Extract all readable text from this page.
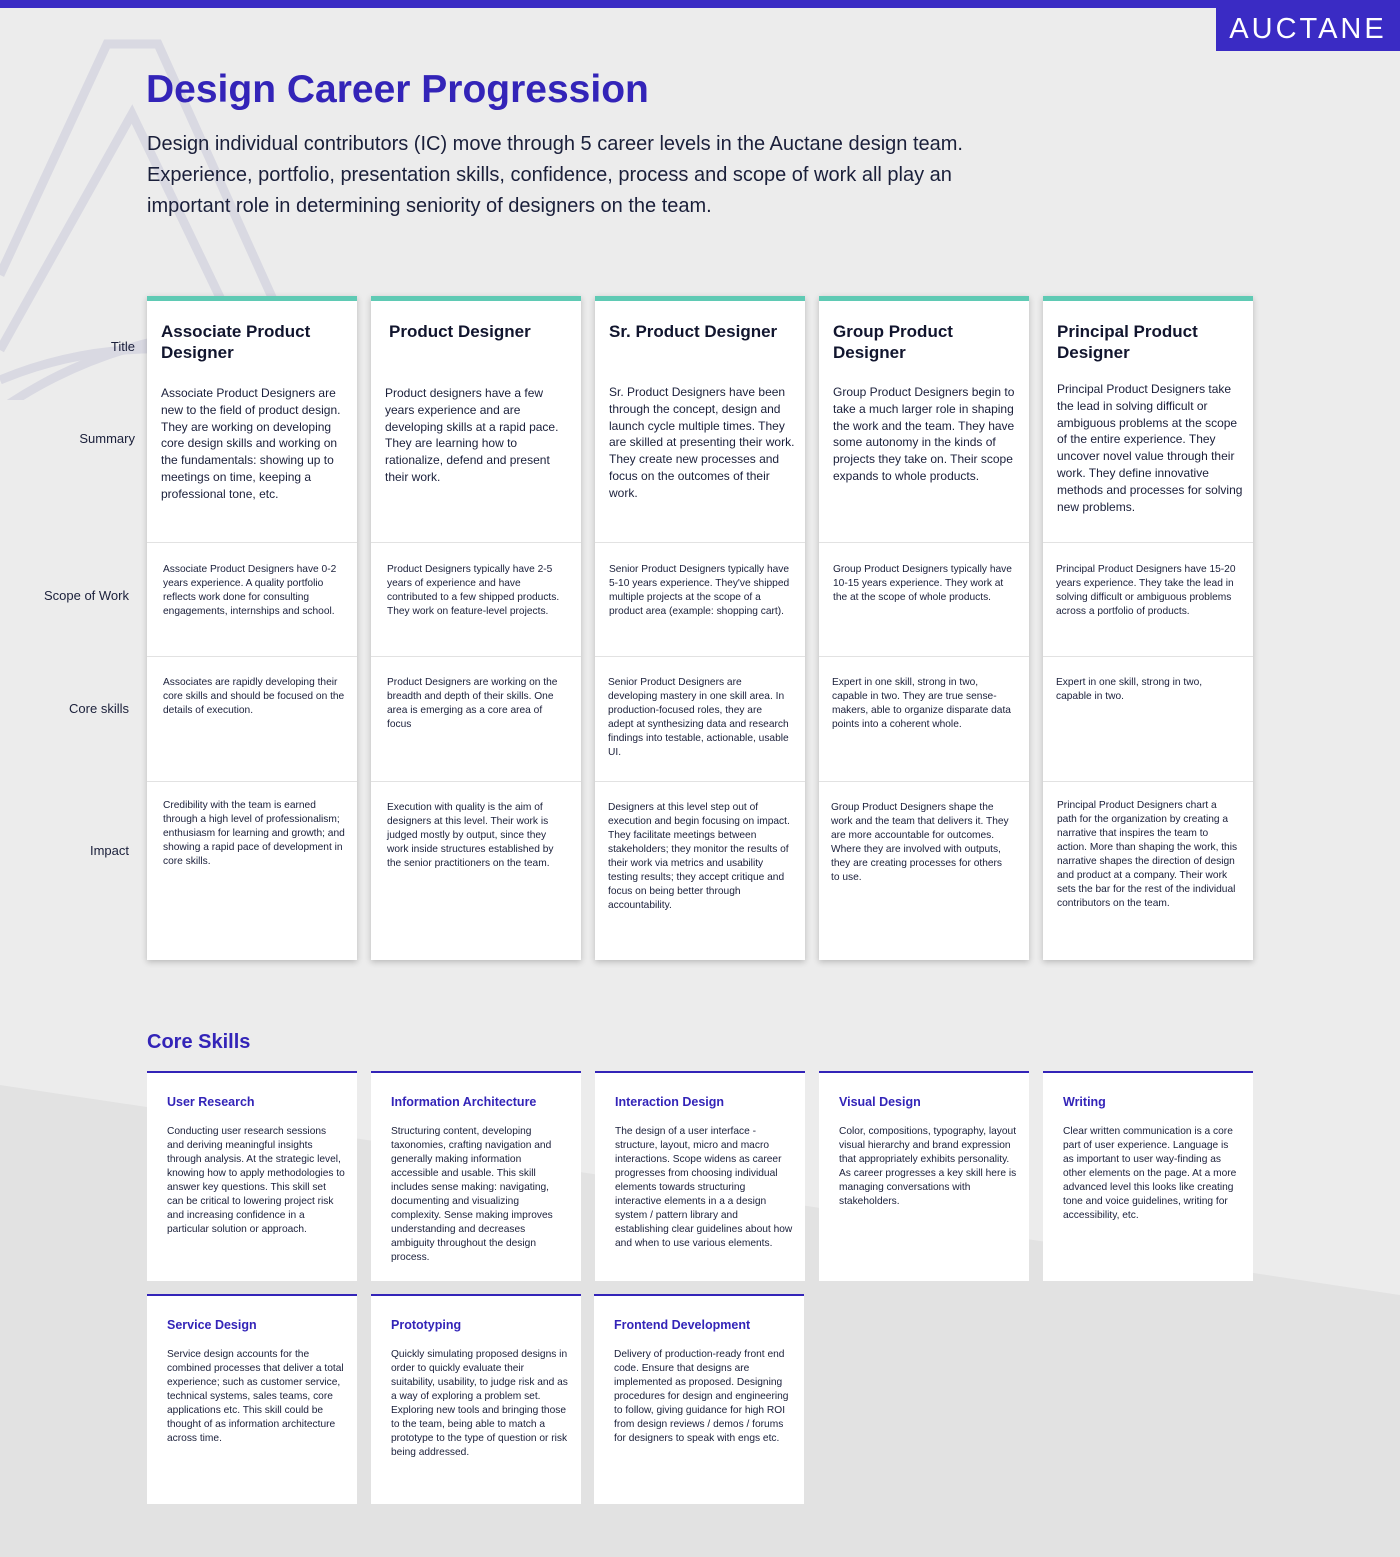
AUCTANE
Design Career Progression

Design individual contributors (IC) move through 5 career levels in the Auctane design team. Experience, portfolio, presentation skills, confidence, process and scope of work all play an important role in determining seniority of designers on the team.

Title
Summary
Scope of Work
Core skills
Impact
Associate Product Designer
Associate Product Designers are new to the field of product design. They are working on developing core design skills and working on the fundamentals: showing up to meetings on time, keeping a professional tone, etc.
Associate Product Designers have 0-2 years experience. A quality portfolio reflects work done for consulting engagements, internships and school.
Associates are rapidly developing their core skills and should be focused on the details of execution.
Credibility with the team is earned through a high level of professionalism; enthusiasm for learning and growth; and showing a rapid pace of development in core skills.
Product Designer
Product designers have a few years experience and are developing skills at a rapid pace. They are learning how to rationalize, defend and present their work.
Product Designers typically have 2-5 years of experience and have contributed to a few shipped products. They work on feature-level projects.
Product Designers are working on the breadth and depth of their skills. One area is emerging as a core area of focus
Execution with quality is the aim of designers at this level. Their work is judged mostly by output, since they work inside structures established by the senior practitioners on the team.
Sr. Product Designer
Sr. Product Designers have been through the concept, design and launch cycle multiple times. They are skilled at presenting their work. They create new processes and focus on the outcomes of their work.
Senior Product Designers typically have 5-10 years experience. They've shipped multiple projects at the scope of a product area (example: shopping cart).
Senior Product Designers are developing mastery in one skill area. In production-focused roles, they are adept at synthesizing data and research findings into testable, actionable, usable UI.
Designers at this level step out of execution and begin focusing on impact. They facilitate meetings between stakeholders; they monitor the results of their work via metrics and usability testing results; they accept critique and focus on being better through accountability.
Group Product Designer
Group Product Designers begin to take a much larger role in shaping the work and the team. They have some autonomy in the kinds of projects they take on. Their scope expands to whole products.
Group Product Designers typically have 10-15 years experience. They work at the at the scope of whole products.
Expert in one skill, strong in two, capable in two. They are true sense-makers, able to organize disparate data points into a coherent whole.
Group Product Designers shape the work and the team that delivers it. They are more accountable for outcomes. Where they are involved with outputs, they are creating processes for others to use.
Principal Product Designer
Principal Product Designers take the lead in solving difficult or ambiguous problems at the scope of the entire experience. They uncover novel value through their work. They define innovative methods and processes for solving new problems.
Principal Product Designers have 15-20 years experience. They take the lead in solving difficult or ambiguous problems across a portfolio of products.
Expert in one skill, strong in two, capable in two.
Principal Product Designers chart a path for the organization by creating a narrative that inspires the team to action. More than shaping the work, this narrative shapes the direction of design and product at a company. Their work sets the bar for the rest of the individual contributors on the team.
Core Skills
User Research
Conducting user research sessions and deriving meaningful insights through analysis. At the strategic level, knowing how to apply methodologies to answer key questions. This skill set can be critical to lowering project risk and increasing confidence in a particular solution or approach.
Information Architecture
Structuring content, developing taxonomies, crafting navigation and generally making information accessible and usable. This skill includes sense making: navigating, documenting and visualizing complexity. Sense making improves understanding and decreases ambiguity throughout the design process.
Interaction Design
The design of a user interface - structure, layout, micro and macro interactions. Scope widens as career progresses from choosing individual elements towards structuring interactive elements in a a design system / pattern library and establishing clear guidelines about how and when to use various elements.
Visual Design
Color, compositions, typography, layout visual hierarchy and brand expression that appropriately exhibits personality. As career progresses a key skill here is managing conversations with stakeholders.
Writing
Clear written communication is a core part of user experience. Language is as important to user way-finding as other elements on the page. At a more advanced level this looks like creating tone and voice guidelines, writing for accessibility, etc.
Service Design
Service design accounts for the combined processes that deliver a total experience; such as customer service, technical systems, sales teams, core applications etc. This skill could be thought of as information architecture across time.
Prototyping
Quickly simulating proposed designs in order to quickly evaluate their suitability, usability, to judge risk and as a way of exploring a problem set. Exploring new tools and bringing those to the team, being able to match a prototype to the type of question or risk being addressed.
Frontend Development
Delivery of production-ready front end code. Ensure that designs are implemented as proposed. Designing procedures for design and engineering to follow, giving guidance for high ROI from design reviews / demos / forums for designers to speak with engs etc.
